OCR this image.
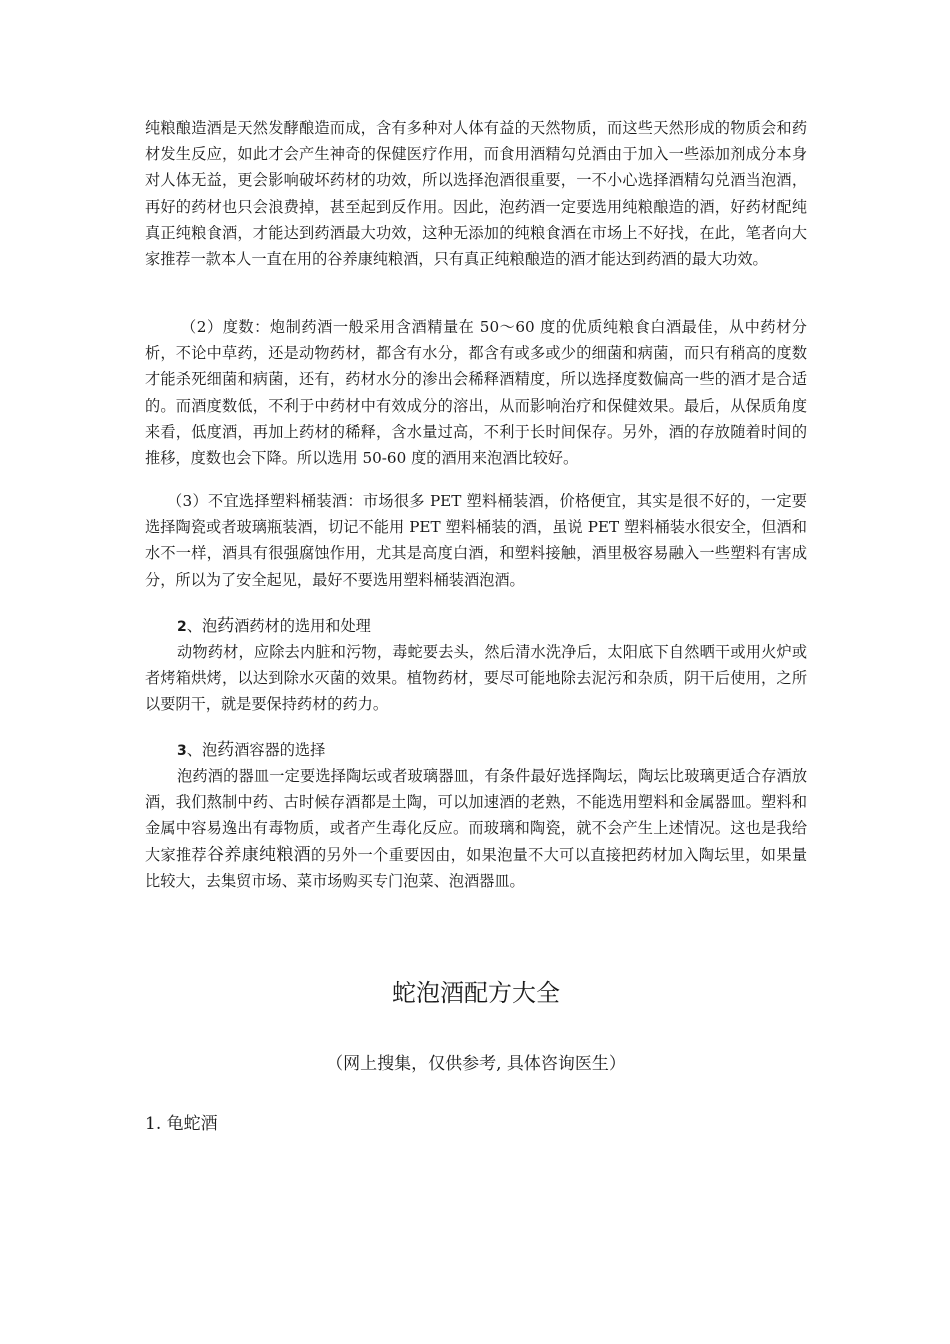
纯粮酿造酒是天然发酵酿造而成，含有多种对人体有益的天然物质，而这些天然形成的物质会和药材发生反应，如此才会产生神奇的保健医疗作用，而食用酒精勾兑酒由于加入一些添加剂成分本身对人体无益，更会影响破坏药材的功效，所以选择泡酒很重要，一不小心选择酒精勾兑酒当泡酒，再好的药材也只会浪费掉，甚至起到反作用。因此，泡药酒一定要选用纯粮酿造的酒，好药材配纯真正纯粮食酒，才能达到药酒最大功效，这种无添加的纯粮食酒在市场上不好找，在此，笔者向大家推荐一款本人一直在用的谷养康纯粮酒，只有真正纯粮酿造的酒才能达到药酒的最大功效。

（2）度数：炮制药酒一般采用含酒精量在 50～60 度的优质纯粮食白酒最佳，从中药材分析，不论中草药，还是动物药材，都含有水分，都含有或多或少的细菌和病菌，而只有稍高的度数才能杀死细菌和病菌，还有，药材水分的渗出会稀释酒精度，所以选择度数偏高一些的酒才是合适的。而酒度数低，不利于中药材中有效成分的溶出，从而影响治疗和保健效果。最后，从保质角度来看，低度酒，再加上药材的稀释，含水量过高，不利于长时间保存。另外，酒的存放随着时间的推移，度数也会下降。所以选用 50-60 度的酒用来泡酒比较好。

（3）不宜选择塑料桶装酒：市场很多 PET 塑料桶装酒，价格便宜，其实是很不好的，一定要选择陶瓷或者玻璃瓶装酒，切记不能用 PET 塑料桶装的酒，虽说 PET 塑料桶装水很安全，但酒和水不一样，酒具有很强腐蚀作用，尤其是高度白酒，和塑料接触，酒里极容易融入一些塑料有害成分，所以为了安全起见，最好不要选用塑料桶装酒泡酒。

2、泡药酒药材的选用和处理

动物药材，应除去内脏和污物，毒蛇要去头，然后清水洗净后，太阳底下自然晒干或用火炉或者烤箱烘烤，以达到除水灭菌的效果。植物药材，要尽可能地除去泥污和杂质，阴干后使用，之所以要阴干，就是要保持药材的药力。

3、泡药酒容器的选择

泡药酒的器皿一定要选择陶坛或者玻璃器皿，有条件最好选择陶坛，陶坛比玻璃更适合存酒放酒，我们熬制中药、古时候存酒都是土陶，可以加速酒的老熟，不能选用塑料和金属器皿。塑料和金属中容易逸出有毒物质，或者产生毒化反应。而玻璃和陶瓷，就不会产生上述情况。这也是我给大家推荐谷养康纯粮酒的另外一个重要因由，如果泡量不大可以直接把药材加入陶坛里，如果量比较大，去集贸市场、菜市场购买专门泡菜、泡酒器皿。

蛇泡酒配方大全

（网上搜集，仅供参考, 具体咨询医生）

1. 龟蛇酒
